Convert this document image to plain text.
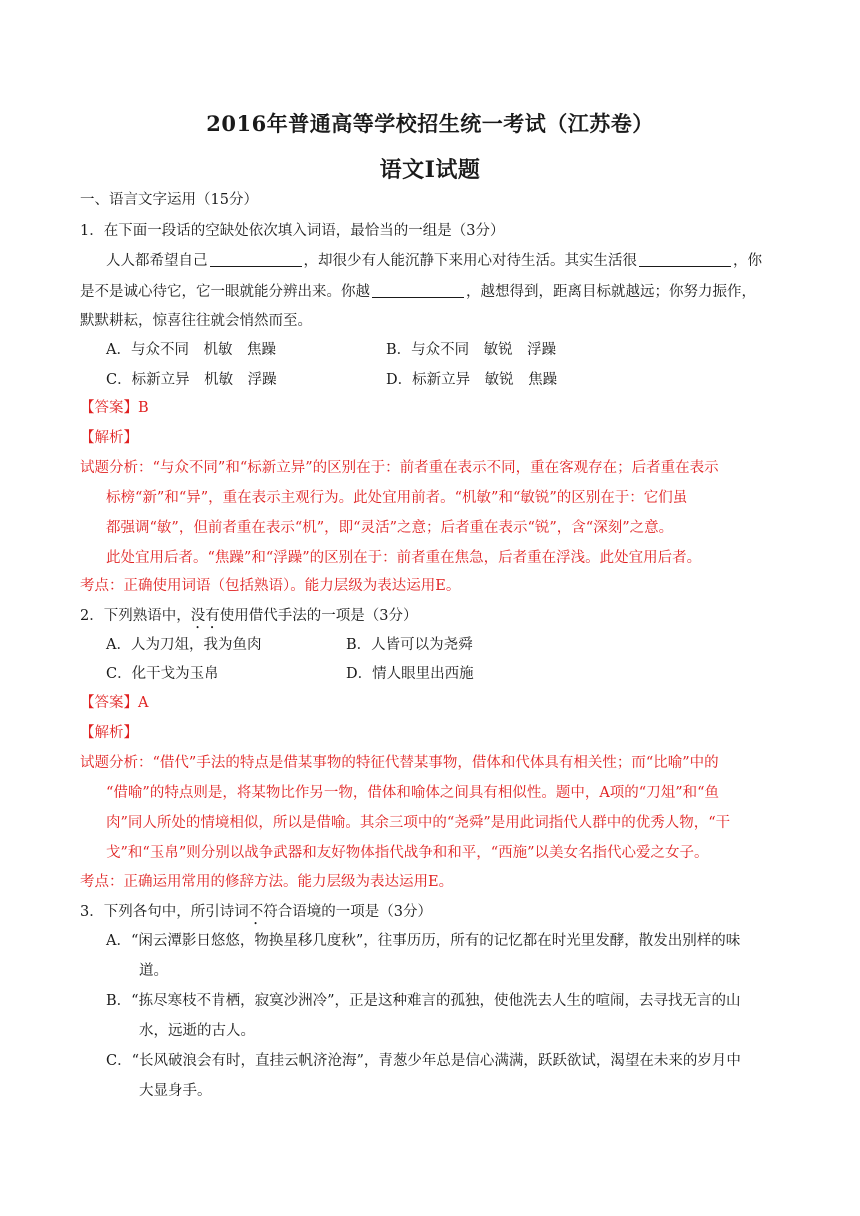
2016年普通高等学校招生统一考试（江苏卷）
语文Ⅰ试题
一、语言文字运用（15分）
1．在下面一段话的空缺处依次填入词语，最恰当的一组是（3分）
人人都希望自己	，却很少有人能沉静下来用心对待生活。其实生活很	，你
是不是诚心待它，它一眼就能分辨出来。你越	，越想得到，距离目标就越远；你努力振作，
默默耕耘，惊喜往往就会悄然而至。
A．与众不同　机敏　焦躁	B．与众不同　敏锐　浮躁
C．标新立异　机敏　浮躁	D．标新立异　敏锐　焦躁
【答案】B
【解析】
试题分析：“与众不同”和“标新立异”的区别在于：前者重在表示不同，重在客观存在；后者重在表示
标榜“新”和“异”，重在表示主观行为。此处宜用前者。“机敏”和“敏锐”的区别在于：它们虽
都强调“敏”，但前者重在表示“机”，即“灵活”之意；后者重在表示“锐”，含“深刻”之意。
此处宜用后者。“焦躁”和“浮躁”的区别在于：前者重在焦急，后者重在浮浅。此处宜用后者。
考点：正确使用词语（包括熟语）。能力层级为表达运用E。
2．下列熟语中，没有使用借代手法的一项是（3分）
A．人为刀俎，我为鱼肉	B．人皆可以为尧舜
C．化干戈为玉帛	D．情人眼里出西施
【答案】A
【解析】
试题分析：“借代”手法的特点是借某事物的特征代替某事物，借体和代体具有相关性；而“比喻”中的
“借喻”的特点则是，将某物比作另一物，借体和喻体之间具有相似性。题中，A项的“刀俎”和“鱼
肉”同人所处的情境相似，所以是借喻。其余三项中的“尧舜”是用此词指代人群中的优秀人物，“干
戈”和“玉帛”则分别以战争武器和友好物体指代战争和和平，“西施”以美女名指代心爱之女子。
考点：正确运用常用的修辞方法。能力层级为表达运用E。
3．下列各句中，所引诗词不符合语境的一项是（3分）
A．“闲云潭影日悠悠，物换星移几度秋”，往事历历，所有的记忆都在时光里发酵，散发出别样的味
道。
B．“拣尽寒枝不肯栖，寂寞沙洲冷”，正是这种难言的孤独，使他洗去人生的喧闹，去寻找无言的山
水，远逝的古人。
C．“长风破浪会有时，直挂云帆济沧海”，青葱少年总是信心满满，跃跃欲试，渴望在未来的岁月中
大显身手。
